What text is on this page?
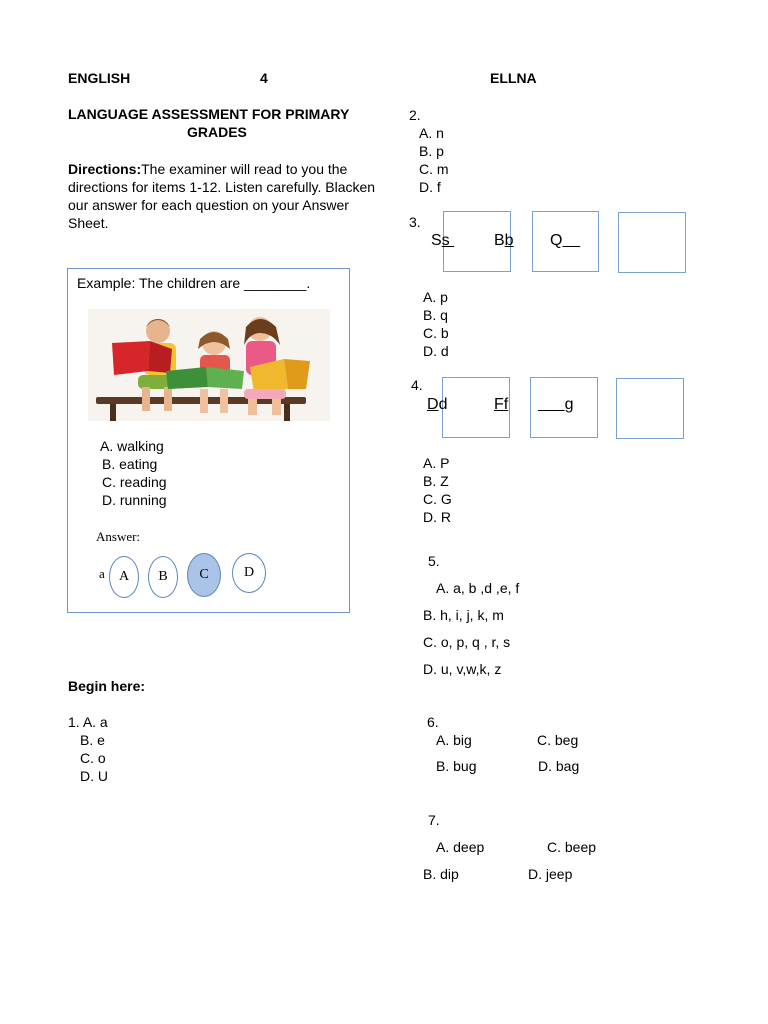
ENGLISH	4	ELLNA
LANGUAGE ASSESSMENT FOR PRIMARY
GRADES
Directions:The examiner will read to you the directions for items 1-12. Listen carefully. Blacken our answer for each question on your Answer Sheet.
Example: The children are ________.
A. walking
B. eating
C. reading
D. running
Answer:
a A B C	D
Begin here:
1. A. a
B. e
C. o
D. U
2.
A. n
B. p
C. m
D. f
3.
Ss Bb Q
A. p
B. q
C. b
D. d
4.
Dd	Ff	g
A. P
B. Z
C. G
D. R
5.
A. a, b ,d ,e, f
B. h, i, j, k, m
C. o, p, q , r, s
D. u, v,w,k, z
6.
A. big	C. beg
B. bug	D. bag
7.
A. deep	C. beep
B. dip	D. jeep
